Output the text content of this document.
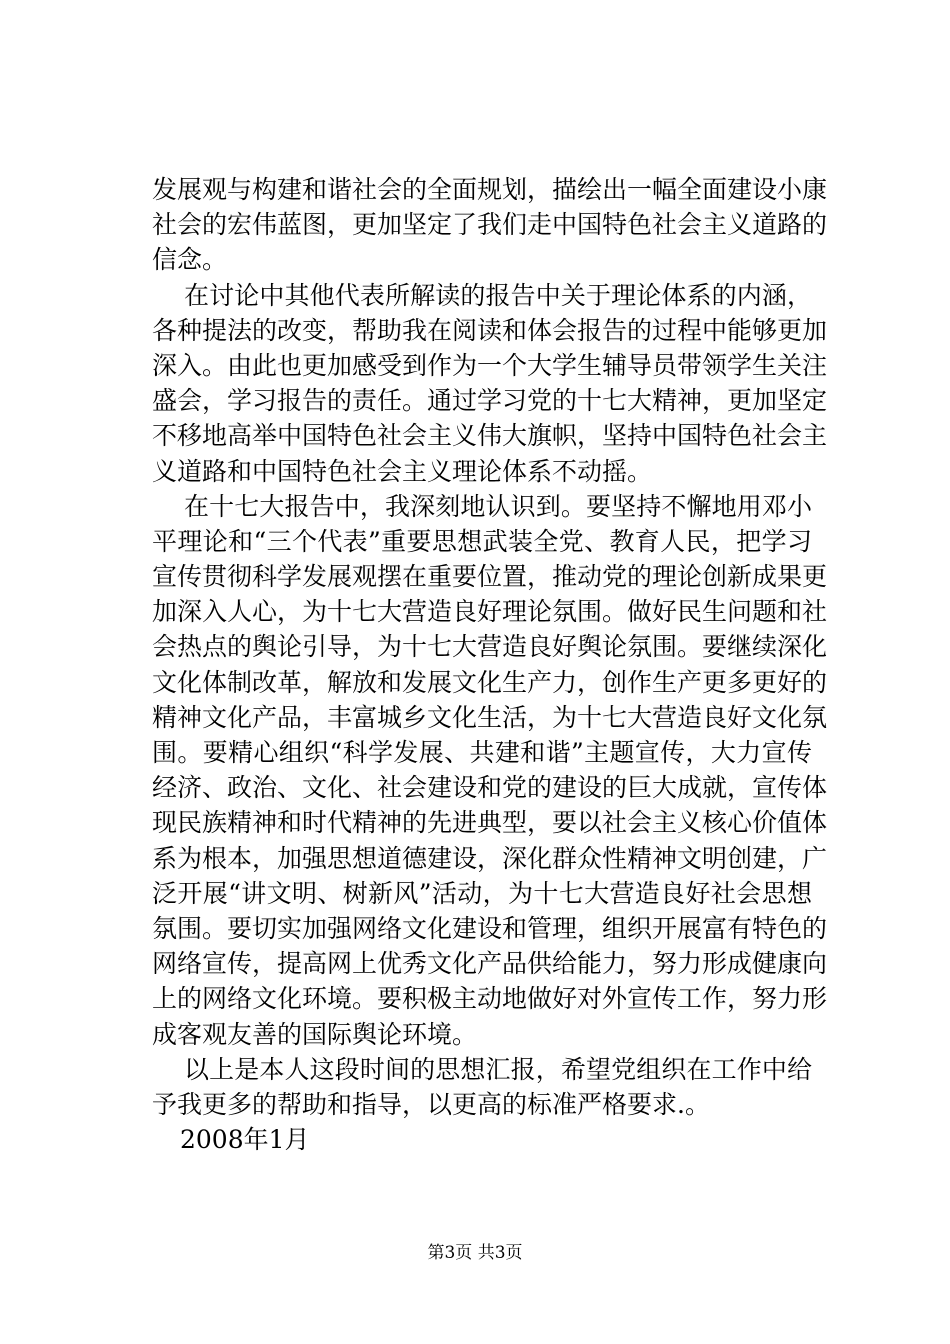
发展观与构建和谐社会的全面规划，描绘出一幅全面建设小康
社会的宏伟蓝图，更加坚定了我们走中国特色社会主义道路的
信念。
在讨论中其他代表所解读的报告中关于理论体系的内涵，
各种提法的改变，帮助我在阅读和体会报告的过程中能够更加
深入。由此也更加感受到作为一个大学生辅导员带领学生关注
盛会，学习报告的责任。通过学习党的十七大精神，更加坚定
不移地高举中国特色社会主义伟大旗帜，坚持中国特色社会主
义道路和中国特色社会主义理论体系不动摇。
在十七大报告中，我深刻地认识到。要坚持不懈地用邓小
平理论和“三个代表”重要思想武装全党、教育人民，把学习
宣传贯彻科学发展观摆在重要位置，推动党的理论创新成果更
加深入人心，为十七大营造良好理论氛围。做好民生问题和社
会热点的舆论引导，为十七大营造良好舆论氛围。要继续深化
文化体制改革，解放和发展文化生产力，创作生产更多更好的
精神文化产品，丰富城乡文化生活，为十七大营造良好文化氛
围。要精心组织“科学发展、共建和谐”主题宣传，大力宣传
经济、政治、文化、社会建设和党的建设的巨大成就，宣传体
现民族精神和时代精神的先进典型，要以社会主义核心价值体
系为根本，加强思想道德建设，深化群众性精神文明创建，广
泛开展“讲文明、树新风”活动，为十七大营造良好社会思想
氛围。要切实加强网络文化建设和管理，组织开展富有特色的
网络宣传，提高网上优秀文化产品供给能力，努力形成健康向
上的网络文化环境。要积极主动地做好对外宣传工作，努力形
成客观友善的国际舆论环境。
以上是本人这段时间的思想汇报，希望党组织在工作中给
予我更多的帮助和指导，以更高的标准严格要求.。
2008年1月
第3页 共3页
